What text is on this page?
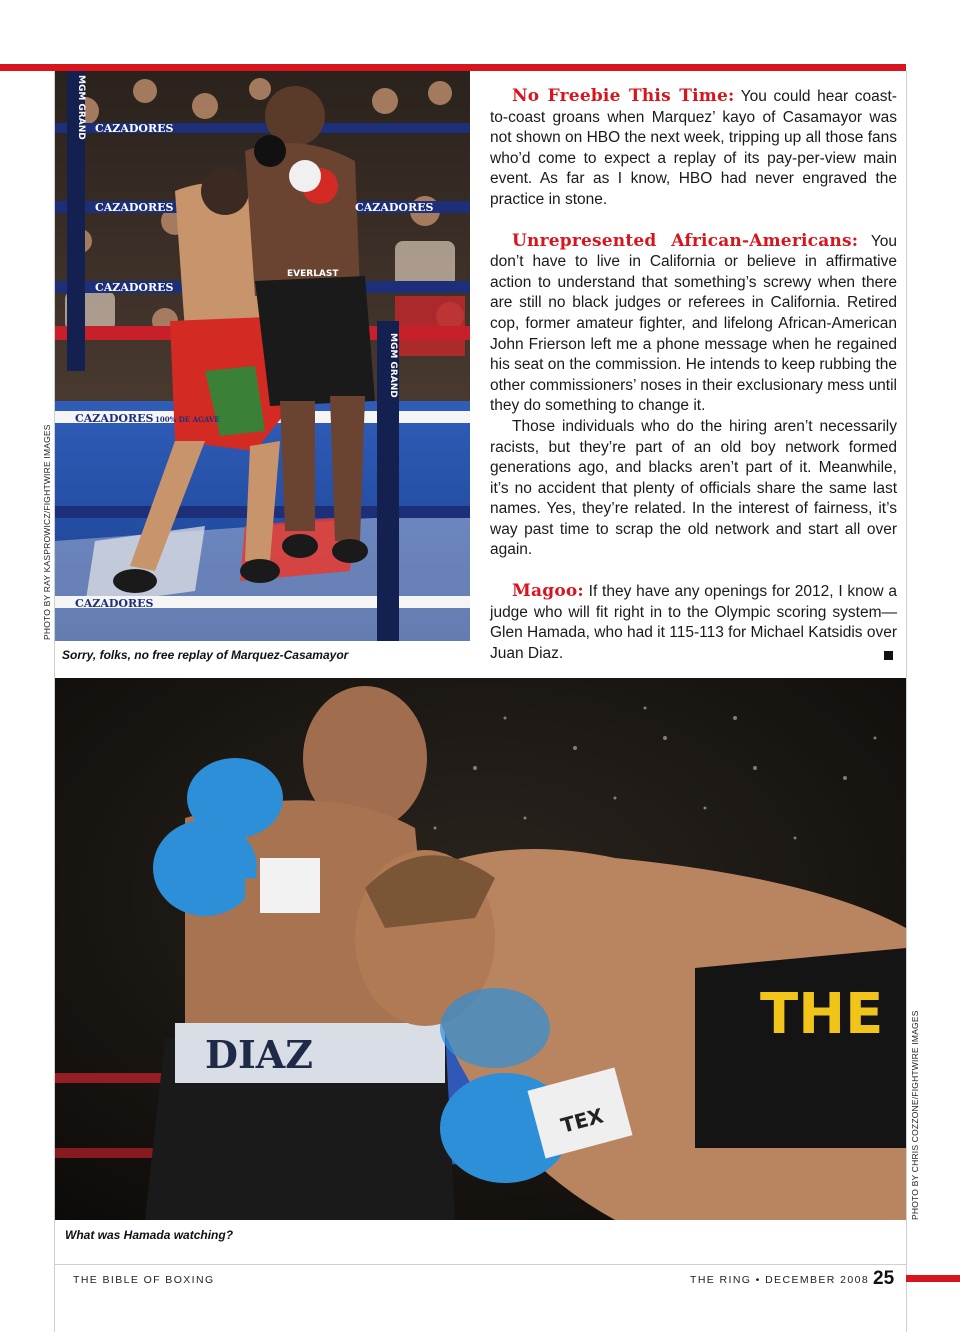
CAZADORES
CAZADORES	CAZADORES
CAZADORES
CAZADORES 100% DE AGAVE
CAZADORES
MGM GRAND
MGM GRAND
EVERLAST
PHOTO BY RAY KASPROWICZ/FIGHTWIRE IMAGES
Sorry, folks, no free replay of Marquez-Casamayor

No Freebie This Time: You could hear coast-to-coast groans when Marquez’ kayo of Casamayor was not shown on HBO the next week, tripping up all those fans who’d come to expect a replay of its pay-per-view main event. As far as I know, HBO had never engraved the practice in stone.

Unrepresented African-Americans: You don’t have to live in California or believe in affirmative action to understand that something’s screwy when there are still no black judges or referees in California. Retired cop, former amateur fighter, and lifelong African-American John Frierson left me a phone message when he regained his seat on the commission. He intends to keep rubbing the other commissioners’ noses in their exclusionary mess until they do something to change it.

Those individuals who do the hiring aren’t necessarily racists, but they’re part of an old boy network formed generations ago, and blacks aren’t part of it. Meanwhile, it’s no accident that plenty of officials share the same last names. Yes, they’re related. In the interest of fairness, it’s way past time to scrap the old network and start all over again.

Magoo: If they have any openings for 2012, I know a judge who will fit right in to the Olympic scoring system—Glen Hamada, who had it 115-113 for Michael Katsidis over Juan Diaz.

DIAZ
THE
TEX	PHOTO BY CHRIS COZZONE/FIGHTWIRE IMAGES
What was Hamada watching?
THE BIBLE OF BOXING	THE RING • DECEMBER 2008 25
